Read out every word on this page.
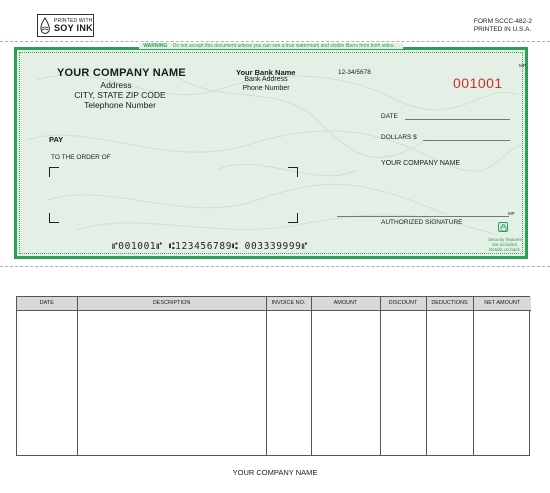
PRINTED WITH
SOY INK
FORM SCCC-482-2
PRINTED IN U.S.A.
WARNING Do not accept this document unless you can see a true watermark and visible fibers from both sides.
YOUR COMPANY NAME
Address
CITY, STATE ZIP CODE
Telephone Number
Your Bank Name
Bank Address
Phone Number
12-34/5678
MP
001001
DATE
PAY	DOLLARS $
TO THE ORDER OF
YOUR COMPANY NAME
MP
AUTHORIZED SIGNATURE
Security features are included. Details on back.
⑈001001⑈ ⑆123456789⑆ 003339999⑈
DATE	DESCRIPTION	INVOICE NO.	AMOUNT	DISCOUNT	DEDUCTIONS	NET AMOUNT

YOUR COMPANY NAME
